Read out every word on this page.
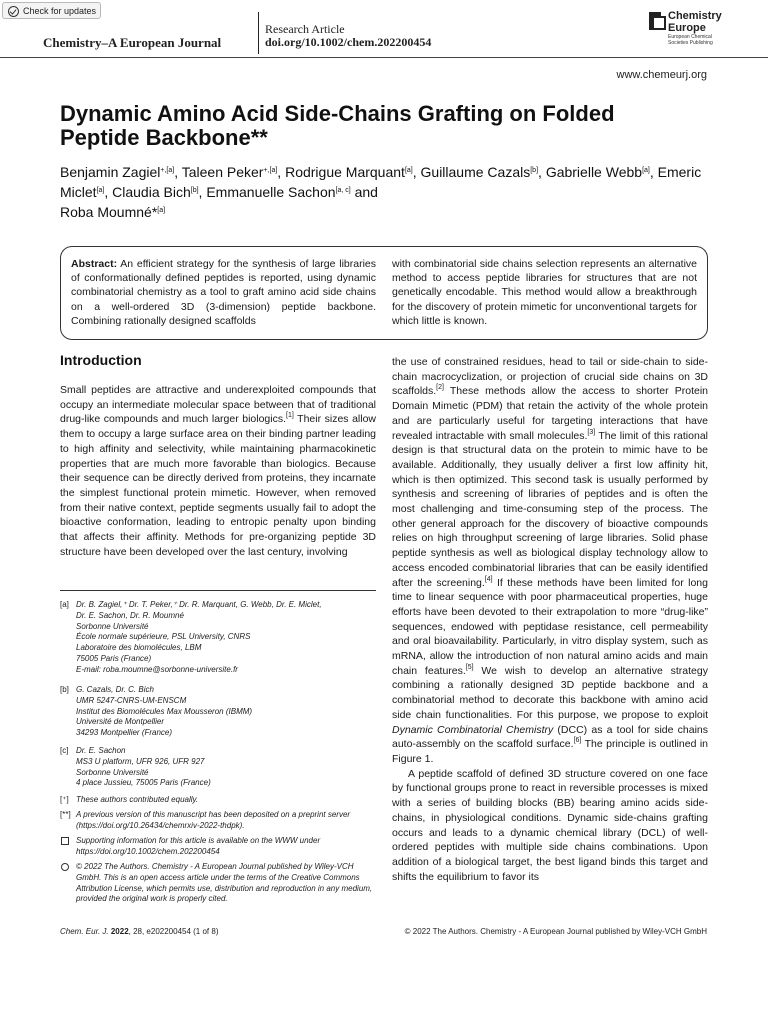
Check for updates
Chemistry–A European Journal
Research Article
doi.org/10.1002/chem.202200454
Chemistry
Europe
European Chemical
Societies Publishing
www.chemeurj.org
Dynamic Amino Acid Side-Chains Grafting on Folded Peptide Backbone**
Benjamin Zagiel$^{+,[a]}$, Taleen Peker$^{+,[a]}$, Rodrigue Marquant[a], Guillaume Cazals[b], Gabrielle Webb[a], Emeric Miclet[a], Claudia Bich[b], Emmanuelle Sachon[a, c] and
Roba Moumné*[a]
Abstract: An efficient strategy for the synthesis of large libraries of conformationally defined peptides is reported, using dynamic combinatorial chemistry as a tool to graft amino acid side chains on a well-ordered 3D (3-dimension) peptide backbone. Combining rationally designed scaffolds
with combinatorial side chains selection represents an alternative method to access peptide libraries for structures that are not genetically encodable. This method would allow a breakthrough for the discovery of protein mimetic for unconventional targets for which little is known.
Introduction

Small peptides are attractive and underexploited compounds that occupy an intermediate molecular space between that of traditional drug-like compounds and much larger biologics.[1] Their sizes allow them to occupy a large surface area on their binding partner leading to high affinity and selectivity, while maintaining pharmacokinetic properties that are much more favorable than biologics. Because their sequence can be directly derived from proteins, they incarnate the simplest functional protein mimetic. However, when removed from their native context, peptide segments usually fail to adopt the bioactive conformation, leading to entropic penalty upon binding that affects their affinity. Methods for pre-organizing peptide 3D structure have been developed over the last century, involving

the use of constrained residues, head to tail or side-chain to side-chain macrocyclization, or projection of crucial side chains on 3D scaffolds.[2] These methods allow the access to shorter Protein Domain Mimetic (PDM) that retain the activity of the whole protein and are particularly useful for targeting interactions that have revealed intractable with small molecules.[3] The limit of this rational design is that structural data on the protein to mimic have to be available. Additionally, they usually deliver a first low affinity hit, which is then optimized. This second task is usually performed by synthesis and screening of libraries of peptides and is often the most challenging and time-consuming step of the process. The other general approach for the discovery of bioactive compounds relies on high throughput screening of large libraries. Solid phase peptide synthesis as well as biological display technology allow to access encoded combinatorial libraries that can be easily identified after the screening.[4] If these methods have been limited for long time to linear sequence with poor pharmaceutical properties, huge efforts have been devoted to their extrapolation to more “drug-like” sequences, endowed with peptidase resistance, cell permeability and oral bioavailability. Particularly, in vitro display system, such as mRNA, allow the introduction of non natural amino acids and main chain features.[5] We wish to develop an alternative strategy combining a rationally designed 3D peptide backbone and a combinatorial method to decorate this backbone with amino acid side chain functionalities. For this purpose, we propose to exploit Dynamic Combinatorial Chemistry (DCC) as a tool for side chains auto-assembly on the scaffold surface.[6] The principle is outlined in Figure 1.

A peptide scaffold of defined 3D structure covered on one face by functional groups prone to react in reversible processes is mixed with a series of building blocks (BB) bearing amino acids side-chains, in physiological conditions. Dynamic side-chains grafting occurs and leads to a dynamic chemical library (DCL) of well-ordered peptides with multiple side chains combinations. Upon addition of a biological target, the best ligand binds this target and shifts the equilibrium to favor its

[a] Dr. B. Zagiel,⁺ Dr. T. Peker,⁺ Dr. R. Marquant, G. Webb, Dr. E. Miclet,
Dr. E. Sachon, Dr. R. Moumné
Sorbonne Université
École normale supérieure, PSL University, CNRS
Laboratoire des biomolécules, LBM
75005 Paris (France)
E-mail: roba.moumne@sorbonne-universite.fr
[b] G. Cazals, Dr. C. Bich
UMR 5247-CNRS-UM-ENSCM
Institut des Biomolécules Max Mousseron (IBMM)
Université de Montpellier
34293 Montpellier (France)
[c] Dr. E. Sachon
MS3 U platform, UFR 926, UFR 927
Sorbonne Université
4 place Jussieu, 75005 Paris (France)
[⁺] These authors contributed equally.
[**] A previous version of this manuscript has been deposited on a preprint server (https://doi.org/10.26434/chemrxiv-2022-thdpk).
Supporting information for this article is available on the WWW under https://doi.org/10.1002/chem.202200454
© 2022 The Authors. Chemistry - A European Journal published by Wiley-VCH GmbH. This is an open access article under the terms of the Creative Commons Attribution License, which permits use, distribution and reproduction in any medium, provided the original work is properly cited.
Chem. Eur. J. 2022, 28, e202200454 (1 of 8)	© 2022 The Authors. Chemistry - A European Journal published by Wiley-VCH GmbH
